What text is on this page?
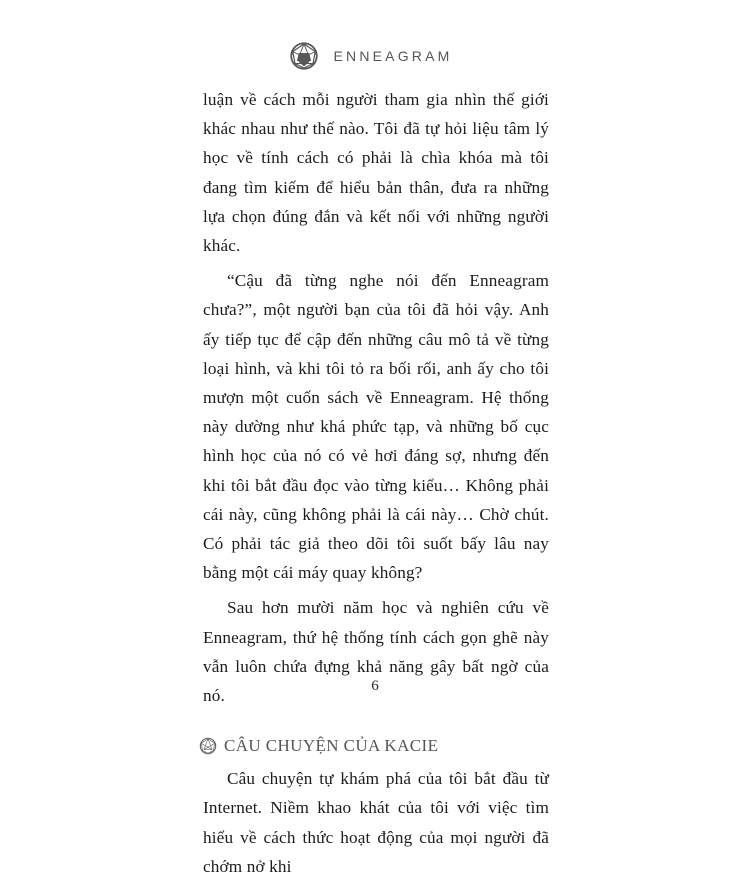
ENNEAGRAM

luận về cách mỗi người tham gia nhìn thế giới khác nhau như thế nào. Tôi đã tự hỏi liệu tâm lý học về tính cách có phải là chìa khóa mà tôi đang tìm kiếm để hiểu bản thân, đưa ra những lựa chọn đúng đắn và kết nối với những người khác.

“Cậu đã từng nghe nói đến Enneagram chưa?”, một người bạn của tôi đã hỏi vậy. Anh ấy tiếp tục để cập đến những câu mô tả về từng loại hình, và khi tôi tỏ ra bối rối, anh ấy cho tôi mượn một cuốn sách về Enneagram. Hệ thống này dường như khá phức tạp, và những bố cục hình học của nó có vẻ hơi đáng sợ, nhưng đến khi tôi bắt đầu đọc vào từng kiểu… Không phải cái này, cũng không phải là cái này… Chờ chút. Có phải tác giả theo dõi tôi suốt bấy lâu nay bằng một cái máy quay không?

Sau hơn mười năm học và nghiên cứu về Enneagram, thứ hệ thống tính cách gọn ghẽ này vẫn luôn chứa đựng khả năng gây bất ngờ của nó.

CÂU CHUYỆN CỦA KACIE

Câu chuyện tự khám phá của tôi bắt đầu từ Internet. Niềm khao khát của tôi với việc tìm hiểu về cách thức hoạt động của mọi người đã chớm nở khi

6
